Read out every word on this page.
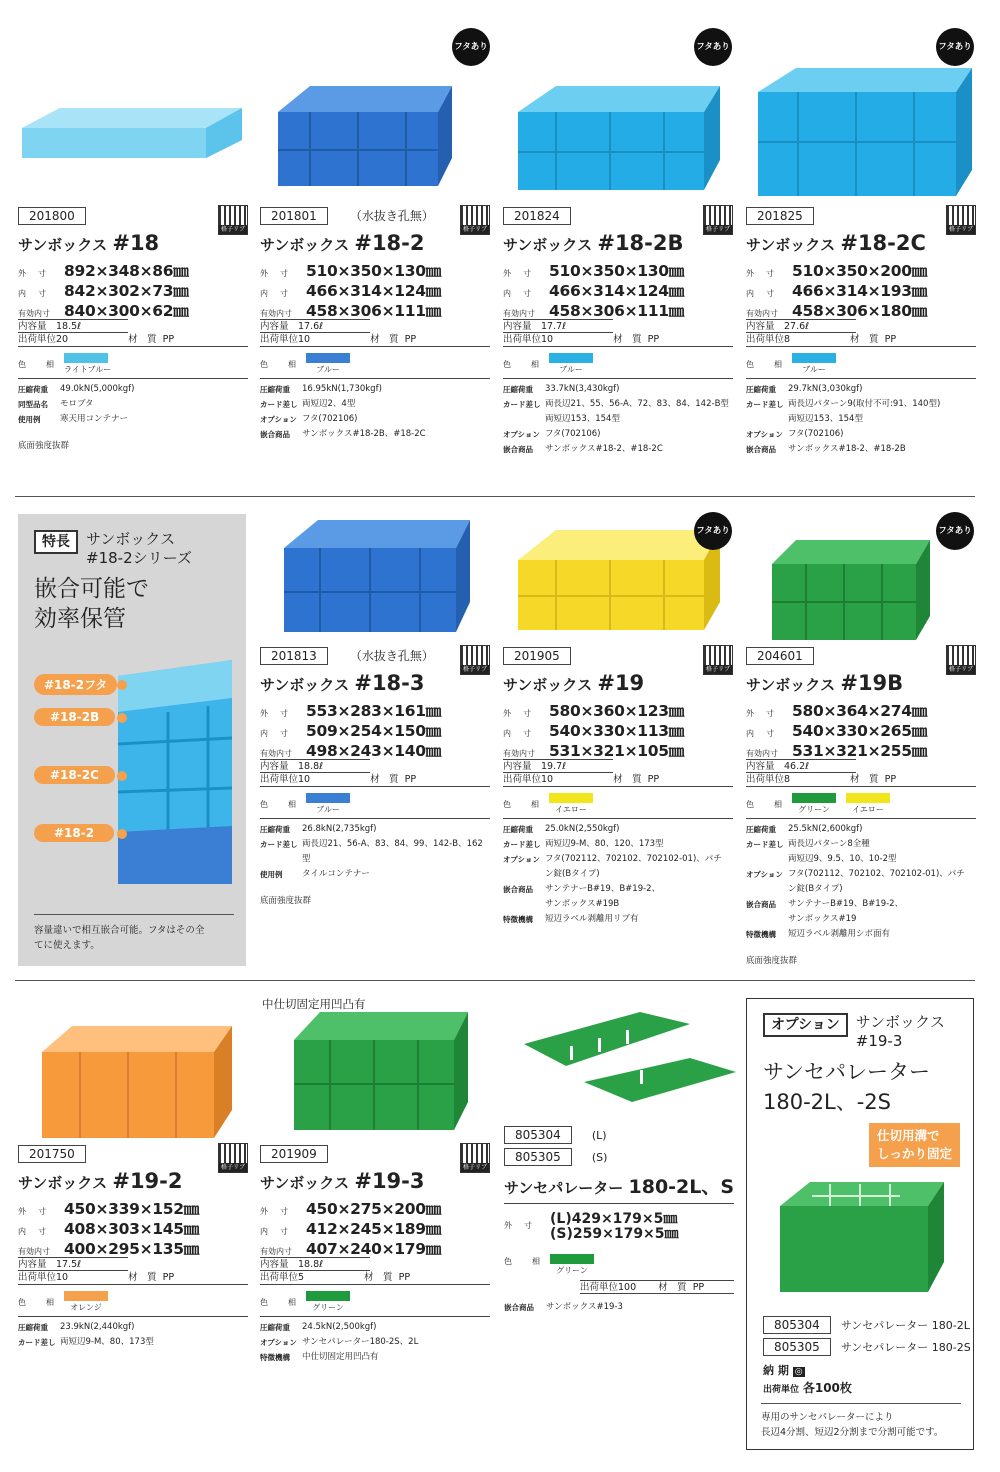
フタあり	フタあり	フタあり
フタあり	フタあり
201800
格子リブ
サンボックス #18
外　寸	892×348×86㎜
内　寸	842×302×73㎜
有効内寸 840×300×62㎜
内容量 18.5ℓ
出荷単位 20	材　質
PP
色　相
ライトブルー
圧縮荷重	49.0kN(5,000kgf)
同型品名	モロブタ
使用例	寒天用コンテナー
底面強度抜群
201801	（水抜き孔無）
格子リブ
サンボックス #18-2
外　寸	510×350×130㎜
内　寸	466×314×124㎜
有効内寸 458×306×111㎜
内容量 17.6ℓ
出荷単位 10	材　質
PP
色　相
ブルー
圧縮荷重	16.95kN(1,730kgf)
カード差し 両短辺2、4型
オプション フタ(702106)
嵌合商品	サンボックス#18-2B、#18-2C
201824
格子リブ
サンボックス #18-2B
外　寸	510×350×130㎜
内　寸	466×314×124㎜
有効内寸 458×306×111㎜
内容量 17.7ℓ
出荷単位 10	材　質
PP
色　相
ブルー
圧縮荷重	33.7kN(3,430kgf)
カード差し 両長辺21、55、56-A、72、83、84、142-B型
両短辺153、154型
オプション フタ(702106)
嵌合商品	サンボックス#18-2、#18-2C
201825
格子リブ
サンボックス #18-2C
外　寸	510×350×200㎜
内　寸	466×314×193㎜
有効内寸 458×306×180㎜
内容量 27.6ℓ
出荷単位 8	材　質
PP
色　相
ブルー
圧縮荷重	29.7kN(3,030kgf)
カード差し 両長辺パターン9(取付不可:91、140型)
両短辺153、154型
オプション フタ(702106)
嵌合商品	サンボックス#18-2、#18-2B
201813	（水抜き孔無）
格子リブ
サンボックス #18-3
外　寸	553×283×161㎜
内　寸	509×254×150㎜
有効内寸 498×243×140㎜
内容量 18.8ℓ
出荷単位 10	材　質
PP
色　相
ブルー
圧縮荷重	26.8kN(2,735kgf)
カード差し 両長辺21、56-A、83、84、99、142-B、162型
使用例	タイルコンテナー
底面強度抜群
201905
格子リブ一部ベタ
サンボックス #19
外　寸	580×360×123㎜
内　寸	540×330×113㎜
有効内寸 531×321×105㎜
内容量 19.7ℓ
出荷単位 10	材　質
PP
色　相
イエロー
圧縮荷重	25.0kN(2,550kgf)
カード差し 両短辺9-M、80、120、173型
オプション フタ(702112、702102、702102-01)、パチ
ン錠(Bタイプ)
嵌合商品	サンテナーB#19、B#19-2、
サンボックス#19B
特徴機構	短辺ラベル剥離用リブ有
204601
格子リブ
サンボックス #19B
外　寸	580×364×274㎜
内　寸	540×330×265㎜
有効内寸 531×321×255㎜
内容量 46.2ℓ
出荷単位 8	材　質
PP
色　相
グリーン	イエロー
圧縮荷重	25.5kN(2,600kgf)
カード差し 両長辺パターン8全種
両短辺9、9.5、10、10-2型
オプション フタ(702112、702102、702102-01)、パチ
ン錠(Bタイプ)
嵌合商品	サンテナーB#19、B#19-2、
サンボックス#19
特徴機構	短辺ラベル剥離用シボ面有
底面強度抜群
201750
格子リブ
サンボックス #19-2
外　寸	450×339×152㎜
内　寸	408×303×145㎜
有効内寸 400×295×135㎜
内容量 17.5ℓ
出荷単位 10	材　質
PP
色　相
オレンジ
圧縮荷重	23.9kN(2,440kgf)
カード差し 両短辺9-M、80、173型
201909
格子リブ
サンボックス #19-3
外　寸	450×275×200㎜
内　寸	412×245×189㎜
有効内寸 407×240×179㎜
内容量 18.8ℓ
出荷単位 5	材　質
PP
色　相
グリーン
圧縮荷重	24.5kN(2,500kgf)
オプション サンセパレーター180-2S、2L
特徴機構	中仕切固定用凹凸有
特長	サンボックス
#18-2シリーズ
嵌合可能で
効率保管
#18-2フタ
#18-2B
#18-2C
#18-2
容量違いで相互嵌合可能。フタはその全
てに使えます。
中仕切固定用凹凸有
805304	(L)
805305	(S)
サンセパレーター 180-2L、S
外　寸	(L)429×179×5㎜
(S)259×179×5㎜
色　相
グリーン
出荷単位 100 材　質
PP
嵌合商品	サンボックス#19-3
オプション	サンボックス
#19-3
サンセパレーター
180-2L、-2S
仕切用溝で
しっかり固定
805304 サンセパレーター 180-2L
805305 サンセパレーター 180-2S
納 期 ◎
出荷単位 各100枚
専用のサンセパレーターにより
長辺4分割、短辺2分割まで分割可能です。
